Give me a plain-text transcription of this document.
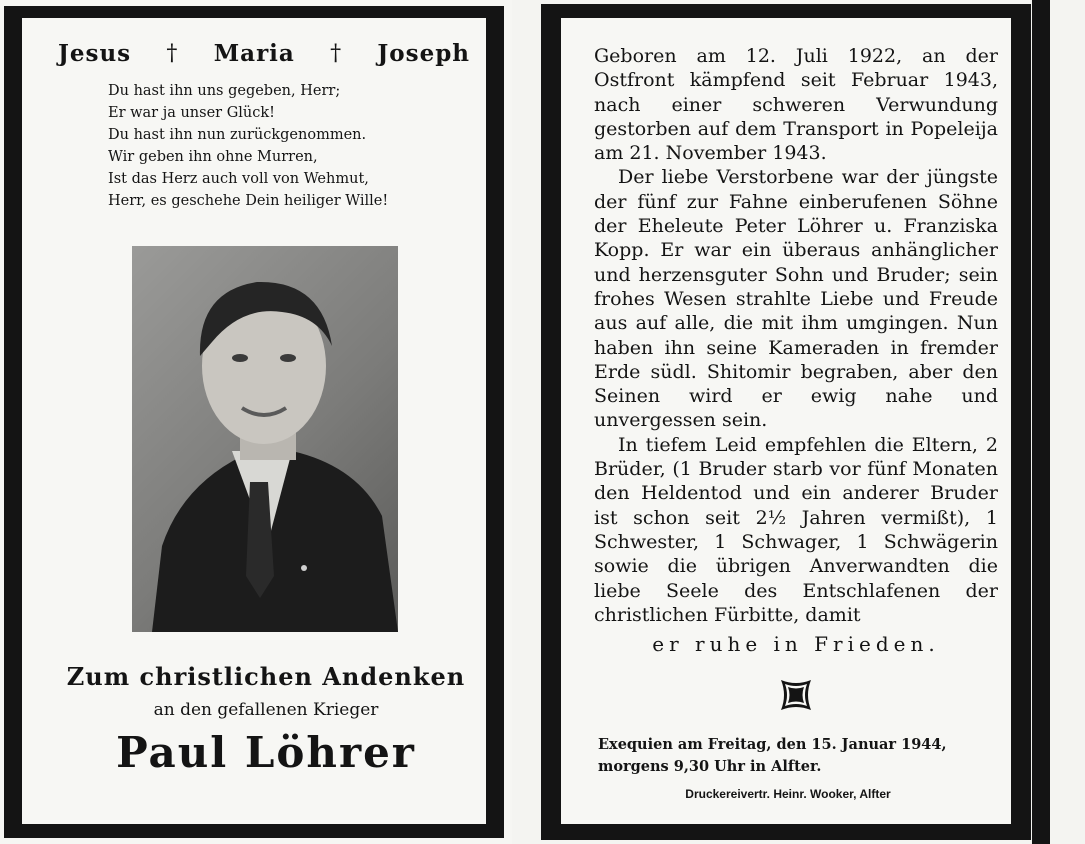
Jesus † Maria † Joseph
Du hast ihn uns gegeben, Herr;
Er war ja unser Glück!
Du hast ihn nun zurückgenommen.
Wir geben ihn ohne Murren,
Ist das Herz auch voll von Wehmut,
Herr, es geschehe Dein heiliger Wille!
Zum christlichen Andenken
an den gefallenen Krieger
Paul Löhrer

Geboren am 12. Juli 1922, an der Ostfront kämpfend seit Februar 1943, nach einer schweren Verwundung gestorben auf dem Transport in Popeleija am 21. November 1943.

Der liebe Verstorbene war der jüngste der fünf zur Fahne einberufenen Söhne der Eheleute Peter Löhrer u. Franziska Kopp. Er war ein überaus anhänglicher und herzensguter Sohn und Bruder; sein frohes Wesen strahlte Liebe und Freude aus auf alle, die mit ihm umgingen. Nun haben ihn seine Kameraden in fremder Erde südl. Shitomir begraben, aber den Seinen wird er ewig nahe und unvergessen sein.

In tiefem Leid empfehlen die Eltern, 2 Brüder, (1 Bruder starb vor fünf Monaten den Heldentod und ein anderer Bruder ist schon seit 2½ Jahren vermißt), 1 Schwester, 1 Schwager, 1 Schwägerin sowie die übrigen Anverwandten die liebe Seele des Entschlafenen der christlichen Fürbitte, damit

er ruhe in Frieden.
Exequien am Freitag, den 15. Januar 1944,
morgens 9,30 Uhr in Alfter.
Druckereivertr. Heinr. Wooker, Alfter
